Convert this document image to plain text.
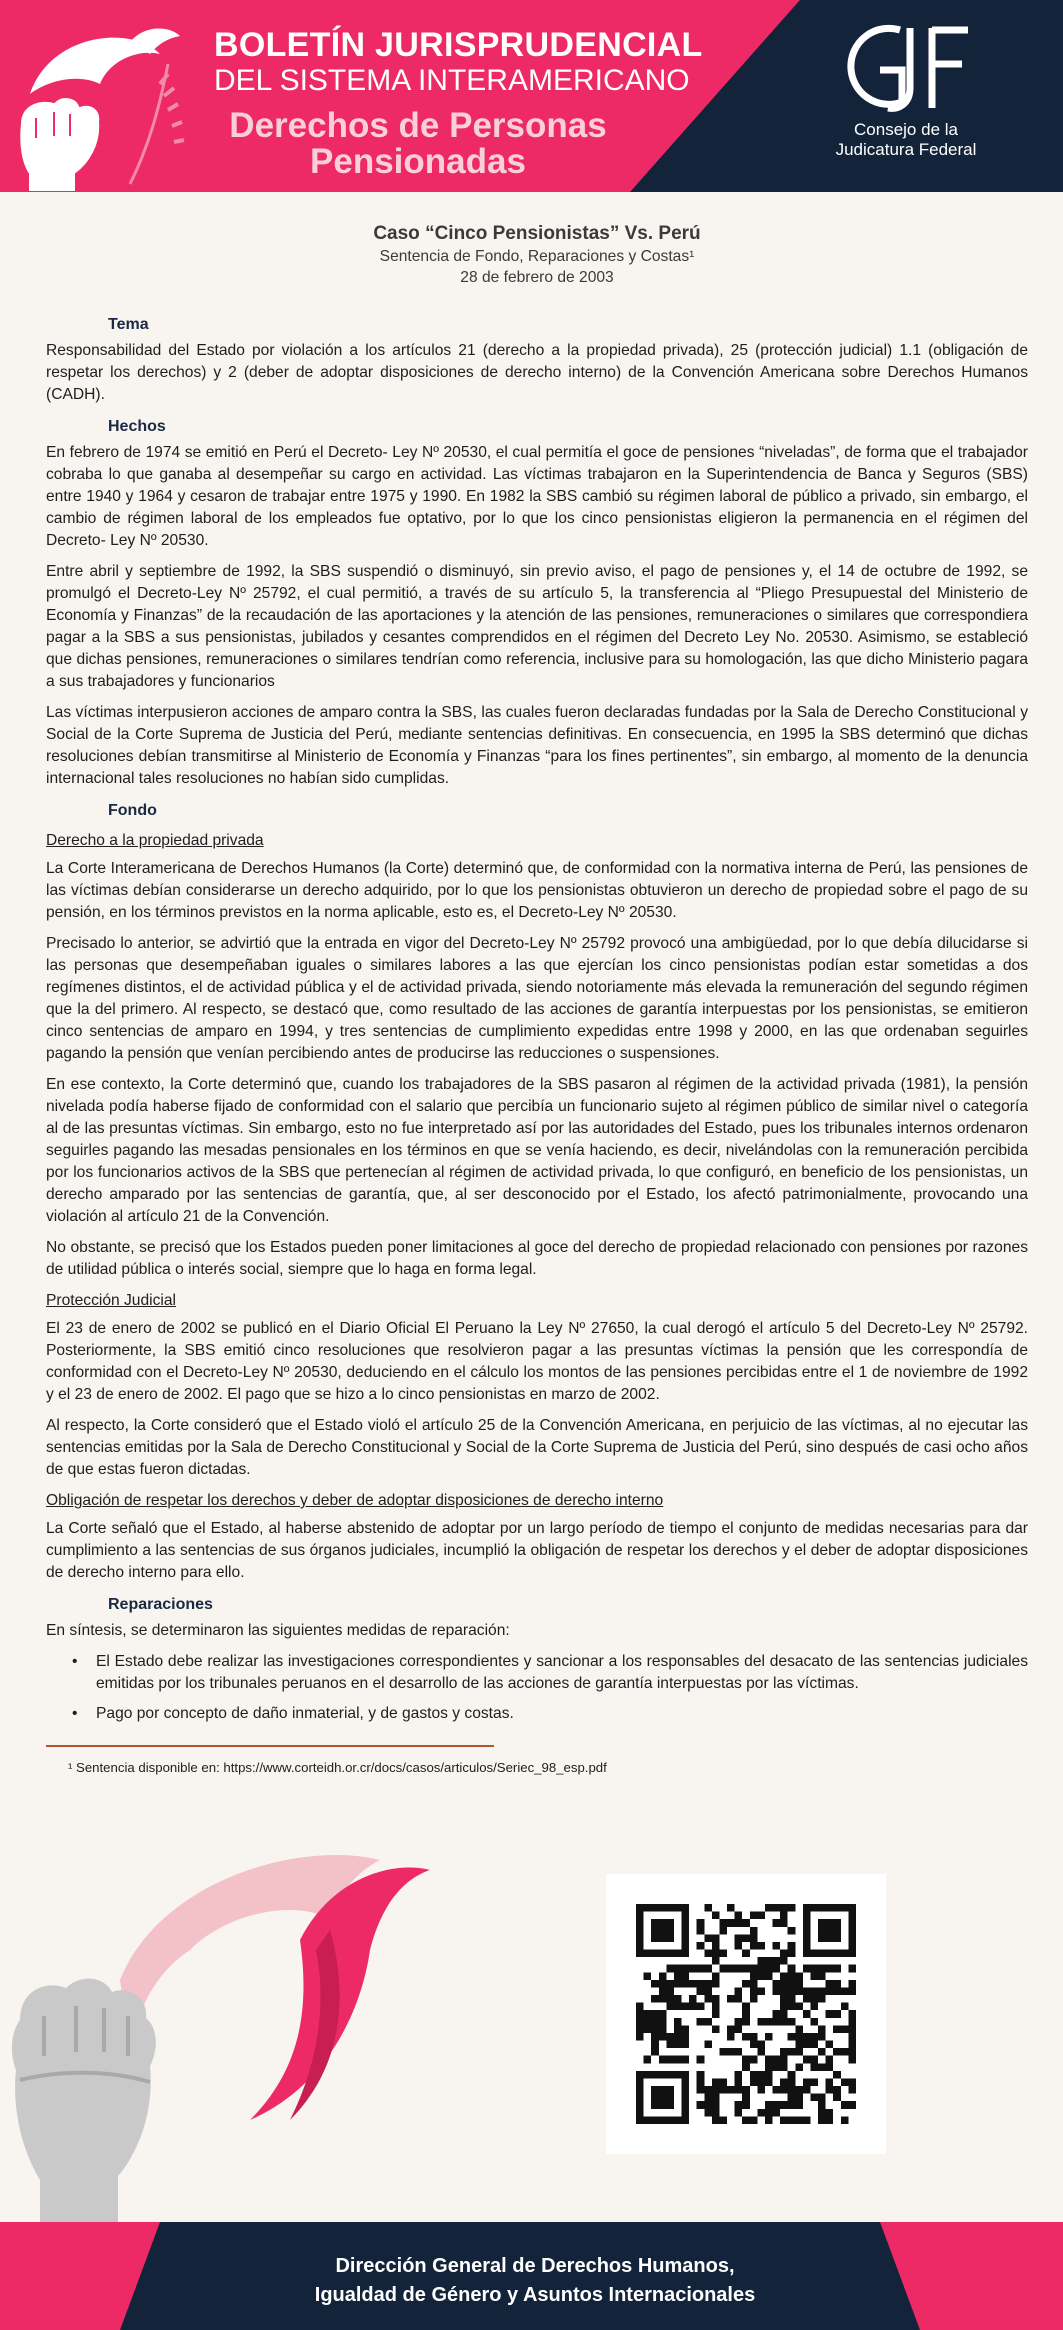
BOLETÍN JURISPRUDENCIAL
DEL SISTEMA INTERAMERICANO
Derechos de Personas Pensionadas
Consejo de la
Judicatura Federal
Caso “Cinco Pensionistas” Vs. Perú
Sentencia de Fondo, Reparaciones y Costas¹
28 de febrero de 2003
Tema

Responsabilidad del Estado por violación a los artículos 21 (derecho a la propiedad privada), 25 (protección judicial) 1.1 (obligación de respetar los derechos) y 2 (deber de adoptar disposiciones de derecho interno) de la Convención Americana sobre Derechos Humanos (CADH).

Hechos

En febrero de 1974 se emitió en Perú el Decreto- Ley Nº 20530, el cual permitía el goce de pensiones “niveladas”, de forma que el trabajador cobraba lo que ganaba al desempeñar su cargo en actividad. Las víctimas trabajaron en la Superintendencia de Banca y Seguros (SBS) entre 1940 y 1964 y cesaron de trabajar entre 1975 y 1990. En 1982 la SBS cambió su régimen laboral de público a privado, sin embargo, el cambio de régimen laboral de los empleados fue optativo, por lo que los cinco pensionistas eligieron la permanencia en el régimen del Decreto- Ley Nº 20530.

Entre abril y septiembre de 1992, la SBS suspendió o disminuyó, sin previo aviso, el pago de pensiones y, el 14 de octubre de 1992, se promulgó el Decreto-Ley Nº 25792, el cual permitió, a través de su artículo 5, la transferencia al “Pliego Presupuestal del Ministerio de Economía y Finanzas” de la recaudación de las aportaciones y la atención de las pensiones, remuneraciones o similares que correspondiera pagar a la SBS a sus pensionistas, jubilados y cesantes comprendidos en el régimen del Decreto Ley No. 20530. Asimismo, se estableció que dichas pensiones, remuneraciones o similares tendrían como referencia, inclusive para su homologación, las que dicho Ministerio pagara a sus trabajadores y funcionarios

Las víctimas interpusieron acciones de amparo contra la SBS, las cuales fueron declaradas fundadas por la Sala de Derecho Constitucional y Social de la Corte Suprema de Justicia del Perú, mediante sentencias definitivas. En consecuencia, en 1995 la SBS determinó que dichas resoluciones debían transmitirse al Ministerio de Economía y Finanzas “para los fines pertinentes”, sin embargo, al momento de la denuncia internacional tales resoluciones no habían sido cumplidas.

Fondo
Derecho a la propiedad privada

La Corte Interamericana de Derechos Humanos (la Corte) determinó que, de conformidad con la normativa interna de Perú, las pensiones de las víctimas debían considerarse un derecho adquirido, por lo que los pensionistas obtuvieron un derecho de propiedad sobre el pago de su pensión, en los términos previstos en la norma aplicable, esto es, el Decreto-Ley Nº 20530.

Precisado lo anterior, se advirtió que la entrada en vigor del Decreto-Ley Nº 25792 provocó una ambigüedad, por lo que debía dilucidarse si las personas que desempeñaban iguales o similares labores a las que ejercían los cinco pensionistas podían estar sometidas a dos regímenes distintos, el de actividad pública y el de actividad privada, siendo notoriamente más elevada la remuneración del segundo régimen que la del primero. Al respecto, se destacó que, como resultado de las acciones de garantía interpuestas por los pensionistas, se emitieron cinco sentencias de amparo en 1994, y tres sentencias de cumplimiento expedidas entre 1998 y 2000, en las que ordenaban seguirles pagando la pensión que venían percibiendo antes de producirse las reducciones o suspensiones.

En ese contexto, la Corte determinó que, cuando los trabajadores de la SBS pasaron al régimen de la actividad privada (1981), la pensión nivelada podía haberse fijado de conformidad con el salario que percibía un funcionario sujeto al régimen público de similar nivel o categoría al de las presuntas víctimas. Sin embargo, esto no fue interpretado así por las autoridades del Estado, pues los tribunales internos ordenaron seguirles pagando las mesadas pensionales en los términos en que se venía haciendo, es decir, nivelándolas con la remuneración percibida por los funcionarios activos de la SBS que pertenecían al régimen de actividad privada, lo que configuró, en beneficio de los pensionistas, un derecho amparado por las sentencias de garantía, que, al ser desconocido por el Estado, los afectó patrimonialmente, provocando una violación al artículo 21 de la Convención.

No obstante, se precisó que los Estados pueden poner limitaciones al goce del derecho de propiedad relacionado con pensiones por razones de utilidad pública o interés social, siempre que lo haga en forma legal.

Protección Judicial

El 23 de enero de 2002 se publicó en el Diario Oficial El Peruano la Ley Nº 27650, la cual derogó el artículo 5 del Decreto-Ley Nº 25792. Posteriormente, la SBS emitió cinco resoluciones que resolvieron pagar a las presuntas víctimas la pensión que les correspondía de conformidad con el Decreto-Ley Nº 20530, deduciendo en el cálculo los montos de las pensiones percibidas entre el 1 de noviembre de 1992 y el 23 de enero de 2002. El pago que se hizo a lo cinco pensionistas en marzo de 2002.

Al respecto, la Corte consideró que el Estado violó el artículo 25 de la Convención Americana, en perjuicio de las víctimas, al no ejecutar las sentencias emitidas por la Sala de Derecho Constitucional y Social de la Corte Suprema de Justicia del Perú, sino después de casi ocho años de que estas fueron dictadas.

Obligación de respetar los derechos y deber de adoptar disposiciones de derecho interno

La Corte señaló que el Estado, al haberse abstenido de adoptar por un largo período de tiempo el conjunto de medidas necesarias para dar cumplimiento a las sentencias de sus órganos judiciales, incumplió la obligación de respetar los derechos y el deber de adoptar disposiciones de derecho interno para ello.

Reparaciones

En síntesis, se determinaron las siguientes medidas de reparación:

• El Estado debe realizar las investigaciones correspondientes y sancionar a los responsables del desacato de las sentencias judiciales emitidas por los tribunales peruanos en el desarrollo de las acciones de garantía interpuestas por las víctimas.
• Pago por concepto de daño inmaterial, y de gastos y costas.
¹ Sentencia disponible en: https://www.corteidh.or.cr/docs/casos/articulos/Seriec_98_esp.pdf
Dirección General de Derechos Humanos,
Igualdad de Género y Asuntos Internacionales
